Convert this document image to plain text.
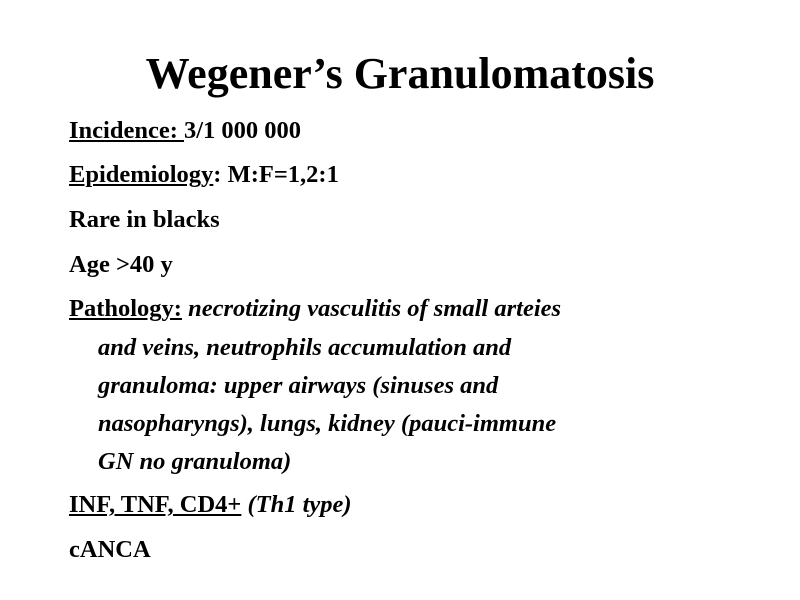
Wegener’s Granulomatosis
Incidence: 3/1 000 000
Epidemiology: M:F=1,2:1
Rare in blacks
Age >40 y
Pathology: necrotizing vasculitis of small arteies
and veins, neutrophils accumulation and
granuloma: upper airways (sinuses and
nasopharyngs), lungs, kidney (pauci-immune
GN no granuloma)
INF, TNF, CD4+ (Th1 type)
cANCA
